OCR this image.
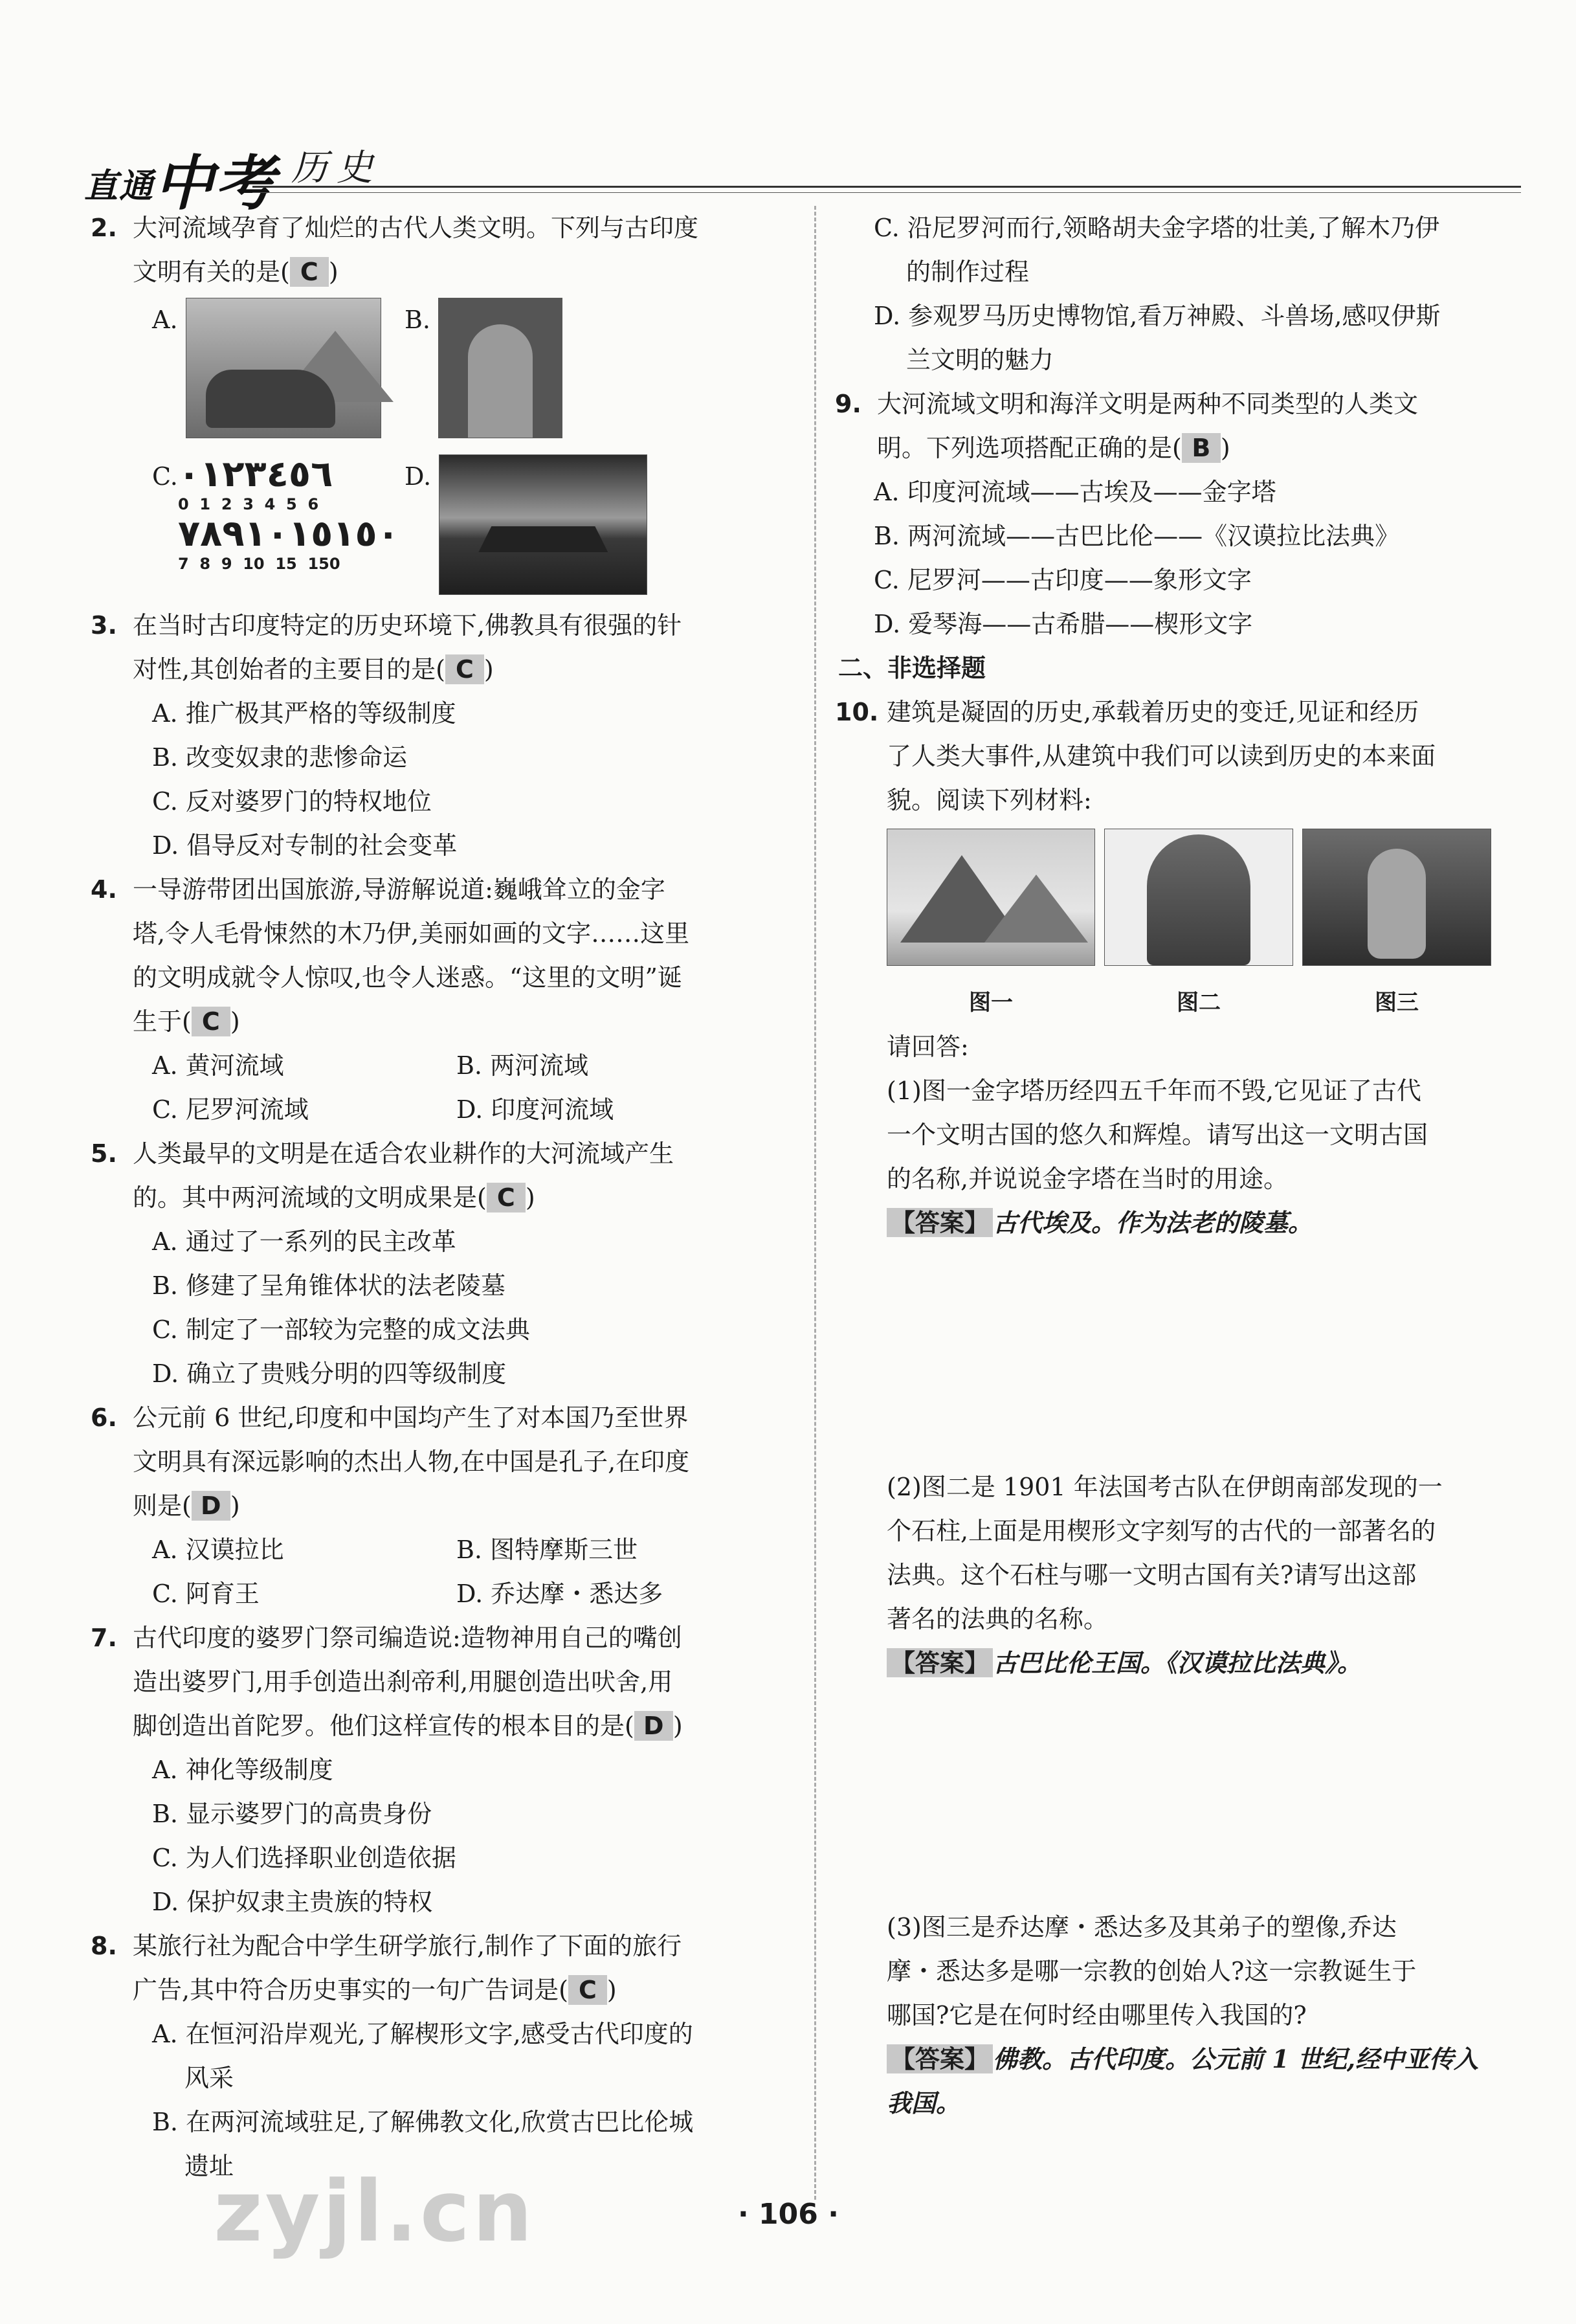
直通中考 历史
2. 大河流域孕育了灿烂的古代人类文明。下列与古印度
文明有关的是( C )
A.	B.
C. ٠١٢٣٤٥٦
0  1  2  3  4  5  6
٧٨٩١٠١٥١٥٠
7  8  9  10  15  150
D.
3. 在当时古印度特定的历史环境下,佛教具有很强的针
对性,其创始者的主要目的是( C )
A. 推广极其严格的等级制度
B. 改变奴隶的悲惨命运
C. 反对婆罗门的特权地位
D. 倡导反对专制的社会变革
4. 一导游带团出国旅游,导游解说道:巍峨耸立的金字
塔,令人毛骨悚然的木乃伊,美丽如画的文字……这里
的文明成就令人惊叹,也令人迷惑。“这里的文明”诞
生于( C )
A. 黄河流域	B. 两河流域
C. 尼罗河流域	D. 印度河流域
5. 人类最早的文明是在适合农业耕作的大河流域产生
的。其中两河流域的文明成果是( C )
A. 通过了一系列的民主改革
B. 修建了呈角锥体状的法老陵墓
C. 制定了一部较为完整的成文法典
D. 确立了贵贱分明的四等级制度
6. 公元前 6 世纪,印度和中国均产生了对本国乃至世界
文明具有深远影响的杰出人物,在中国是孔子,在印度
则是( D )
A. 汉谟拉比	B. 图特摩斯三世
C. 阿育王	D. 乔达摩・悉达多
7. 古代印度的婆罗门祭司编造说:造物神用自己的嘴创
造出婆罗门,用手创造出刹帝利,用腿创造出吠舍,用
脚创造出首陀罗。他们这样宣传的根本目的是( D )
A. 神化等级制度
B. 显示婆罗门的高贵身份
C. 为人们选择职业创造依据
D. 保护奴隶主贵族的特权
8. 某旅行社为配合中学生研学旅行,制作了下面的旅行
广告,其中符合历史事实的一句广告词是( C )
A. 在恒河沿岸观光,了解楔形文字,感受古代印度的
风采
B. 在两河流域驻足,了解佛教文化,欣赏古巴比伦城
遗址
C. 沿尼罗河而行,领略胡夫金字塔的壮美,了解木乃伊
的制作过程
D. 参观罗马历史博物馆,看万神殿、斗兽场,感叹伊斯
兰文明的魅力
9. 大河流域文明和海洋文明是两种不同类型的人类文
明。下列选项搭配正确的是( B )
A. 印度河流域——古埃及——金字塔
B. 两河流域——古巴比伦——《汉谟拉比法典》
C. 尼罗河——古印度——象形文字
D. 爱琴海——古希腊——楔形文字
二、非选择题
10. 建筑是凝固的历史,承载着历史的变迁,见证和经历
了人类大事件,从建筑中我们可以读到历史的本来面
貌。阅读下列材料:
图一	图二	图三
请回答:
(1)图一金字塔历经四五千年而不毁,它见证了古代
一个文明古国的悠久和辉煌。请写出这一文明古国
的名称,并说说金字塔在当时的用途。
【答案】 古代埃及。作为法老的陵墓。
(2)图二是 1901 年法国考古队在伊朗南部发现的一
个石柱,上面是用楔形文字刻写的古代的一部著名的
法典。这个石柱与哪一文明古国有关?请写出这部
著名的法典的名称。
【答案】 古巴比伦王国。《汉谟拉比法典》。
(3)图三是乔达摩・悉达多及其弟子的塑像,乔达
摩・悉达多是哪一宗教的创始人?这一宗教诞生于
哪国?它是在何时经由哪里传入我国的?
【答案】 佛教。古代印度。公元前 1 世纪,经中亚传入
我国。
· 106 ·
zyjl.cn
